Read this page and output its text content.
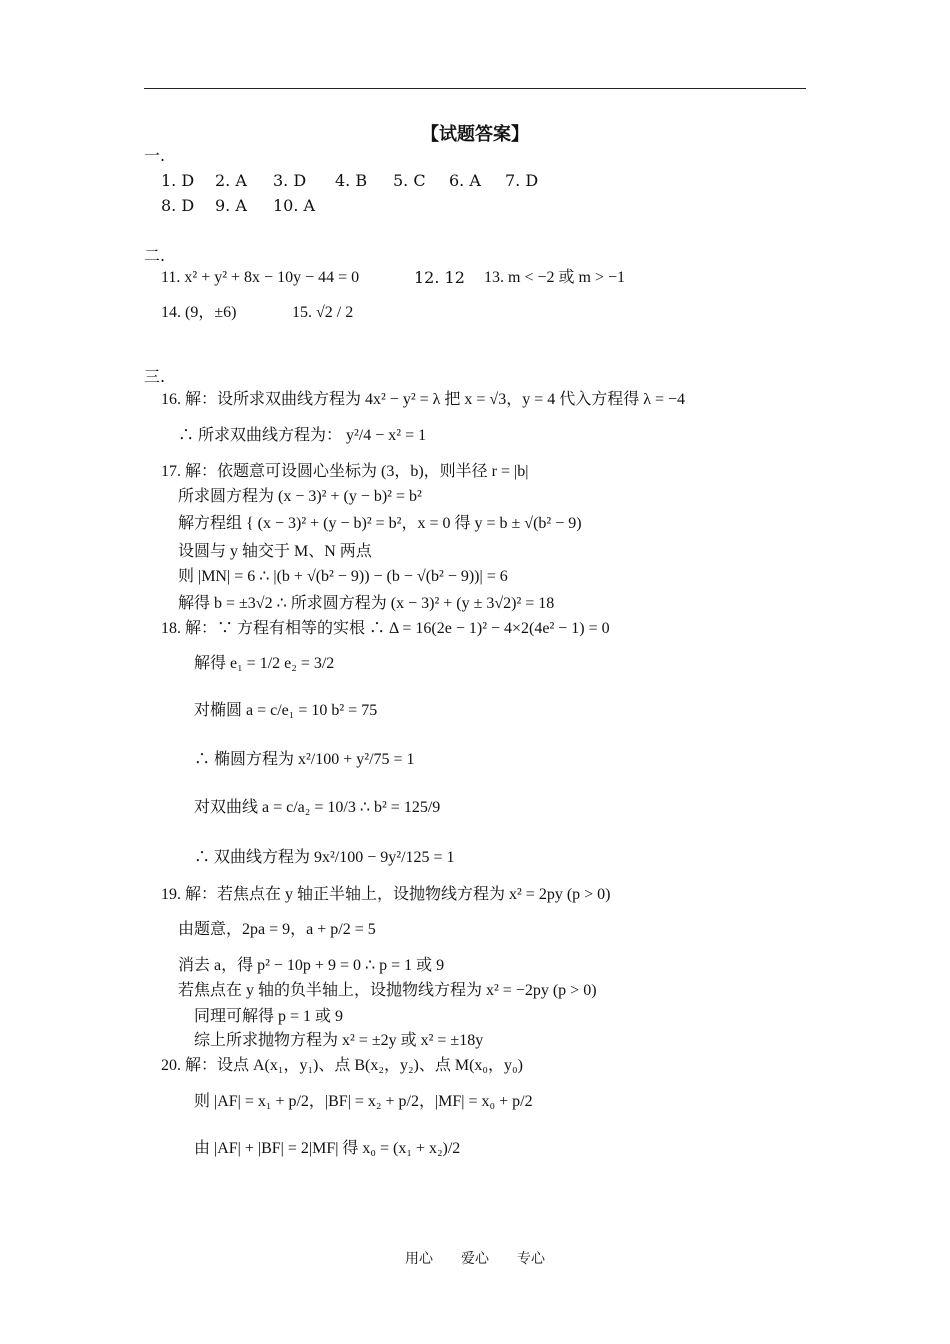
【试题答案】
一.
1. D 2. A 3. D 4. B 5. C 6. A 7. D
8. D 9. A 10. A
二.
11. x² + y² + 8x − 10y − 44 = 0	12. 12 13. m < −2 或 m > −1
14. (9，±6)	15. √2 / 2
三.
16. 解：设所求双曲线方程为 4x² − y² = λ 把 x = √3，y = 4 代入方程得 λ = −4
∴ 所求双曲线方程为： y²/4 − x² = 1
17. 解：依题意可设圆心坐标为 (3，b)，则半径 r = |b|
所求圆方程为 (x − 3)² + (y − b)² = b²
解方程组 { (x − 3)² + (y − b)² = b²，x = 0 得 y = b ± √(b² − 9)
设圆与 y 轴交于 M、N 两点
则 |MN| = 6 ∴ |(b + √(b² − 9)) − (b − √(b² − 9))| = 6
解得 b = ±3√2 ∴ 所求圆方程为 (x − 3)² + (y ± 3√2)² = 18
18. 解：∵ 方程有相等的实根 ∴ Δ = 16(2e − 1)² − 4×2(4e² − 1) = 0
解得 e₁ = 1/2 e₂ = 3/2
对椭圆 a = c/e₁ = 10 b² = 75
∴ 椭圆方程为 x²/100 + y²/75 = 1
对双曲线 a = c/a₂ = 10/3 ∴ b² = 125/9
∴ 双曲线方程为 9x²/100 − 9y²/125 = 1
19. 解：若焦点在 y 轴正半轴上，设抛物线方程为 x² = 2py (p > 0)
由题意，2pa = 9，a + p/2 = 5
消去 a，得 p² − 10p + 9 = 0 ∴ p = 1 或 9
若焦点在 y 轴的负半轴上，设抛物线方程为 x² = −2py (p > 0)
同理可解得 p = 1 或 9
综上所求抛物方程为 x² = ±2y 或 x² = ±18y
20. 解：设点 A(x₁，y₁)、点 B(x₂，y₂)、点 M(x₀，y₀)
则 |AF| = x₁ + p/2，|BF| = x₂ + p/2，|MF| = x₀ + p/2
由 |AF| + |BF| = 2|MF| 得 x₀ = (x₁ + x₂)/2
用心 爱心 专心
